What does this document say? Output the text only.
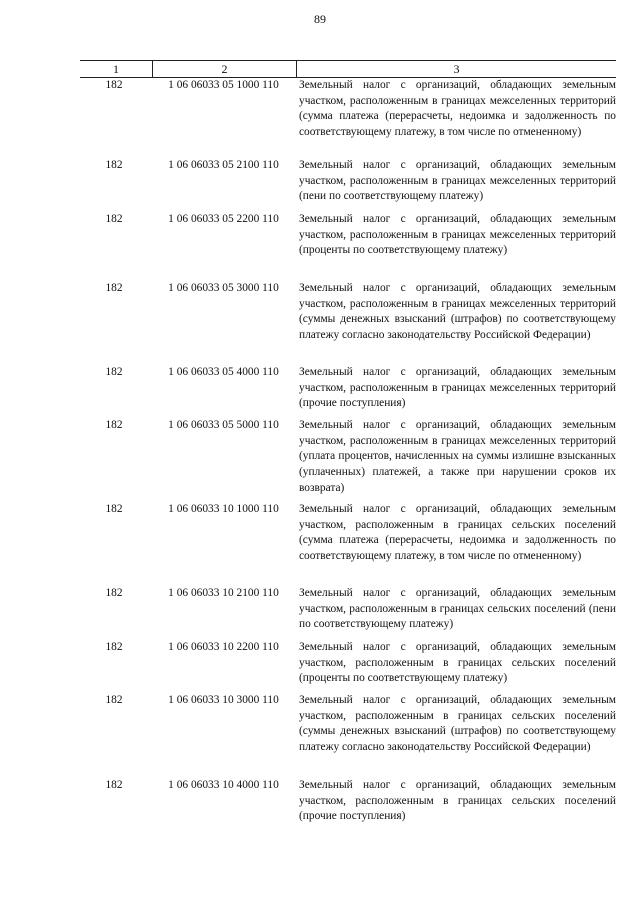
89
1	2	3
182	1 06 06033 05 1000 110	Земельный налог с организаций, обладающих земельным участком, расположенным в границах межселенных территорий (сумма платежа (перерасчеты, недоимка и задолженность по соответствующему платежу, в том числе по отмененному)
182	1 06 06033 05 2100 110	Земельный налог с организаций, обладающих земельным участком, расположенным в границах межселенных территорий (пени по соответствующему платежу)
182	1 06 06033 05 2200 110	Земельный налог с организаций, обладающих земельным участком, расположенным в границах межселенных территорий (проценты по соответствующему платежу)
182	1 06 06033 05 3000 110	Земельный налог с организаций, обладающих земельным участком, расположенным в границах межселенных территорий (суммы денежных взысканий (штрафов) по соответствующему платежу согласно законодательству Российской Федерации)
182	1 06 06033 05 4000 110	Земельный налог с организаций, обладающих земельным участком, расположенным в границах межселенных территорий (прочие поступления)
182	1 06 06033 05 5000 110	Земельный налог с организаций, обладающих земельным участком, расположенным в границах межселенных территорий (уплата процентов, начисленных на суммы излишне взысканных (уплаченных) платежей, а также при нарушении сроков их возврата)
182	1 06 06033 10 1000 110	Земельный налог с организаций, обладающих земельным участком, расположенным в границах сельских поселений (сумма платежа (перерасчеты, недоимка и задолженность по соответствующему платежу, в том числе по отмененному)
182	1 06 06033 10 2100 110	Земельный налог с организаций, обладающих земельным участком, расположенным в границах сельских поселений (пени по соответствующему платежу)
182	1 06 06033 10 2200 110	Земельный налог с организаций, обладающих земельным участком, расположенным в границах сельских поселений (проценты по соответствующему платежу)
182	1 06 06033 10 3000 110	Земельный налог с организаций, обладающих земельным участком, расположенным в границах сельских поселений (суммы денежных взысканий (штрафов) по соответствующему платежу согласно законодательству Российской Федерации)
182	1 06 06033 10 4000 110	Земельный налог с организаций, обладающих земельным участком, расположенным в границах сельских поселений (прочие поступления)
